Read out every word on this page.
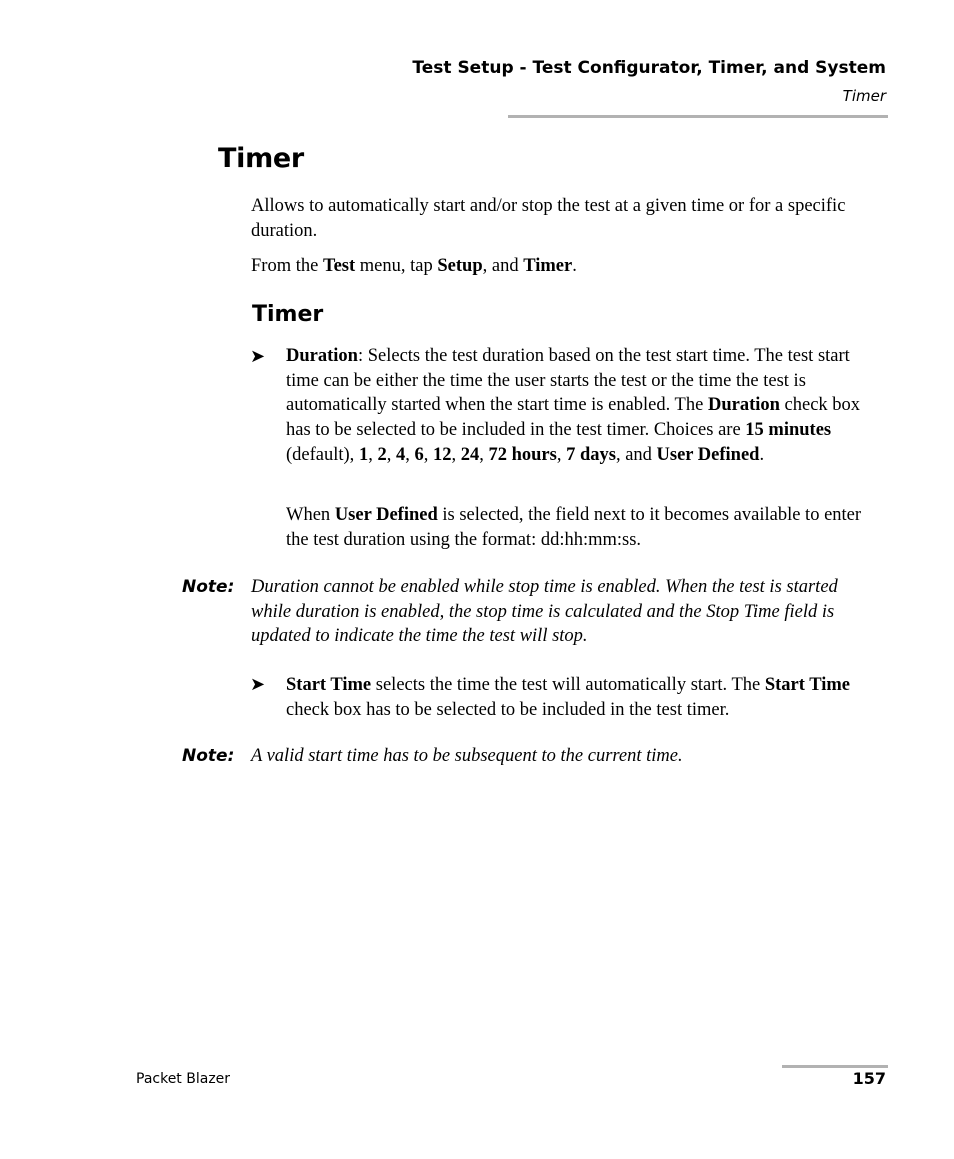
Test Setup - Test Configurator, Timer, and System
Timer
Timer
Allows to automatically start and/or stop the test at a given time or for a specific duration.
From the Test menu, tap Setup, and Timer.
Timer
➤ Duration: Selects the test duration based on the test start time. The test start time can be either the time the user starts the test or the time the test is automatically started when the start time is enabled. The Duration check box has to be selected to be included in the test timer. Choices are 15 minutes (default), 1, 2, 4, 6, 12, 24, 72 hours, 7 days, and User Defined.
When User Defined is selected, the field next to it becomes available to enter the test duration using the format: dd:hh:mm:ss.
Note: Duration cannot be enabled while stop time is enabled. When the test is started while duration is enabled, the stop time is calculated and the Stop Time field is updated to indicate the time the test will stop.
➤ Start Time selects the time the test will automatically start. The Start Time check box has to be selected to be included in the test timer.
Note: A valid start time has to be subsequent to the current time.
Packet Blazer	157
